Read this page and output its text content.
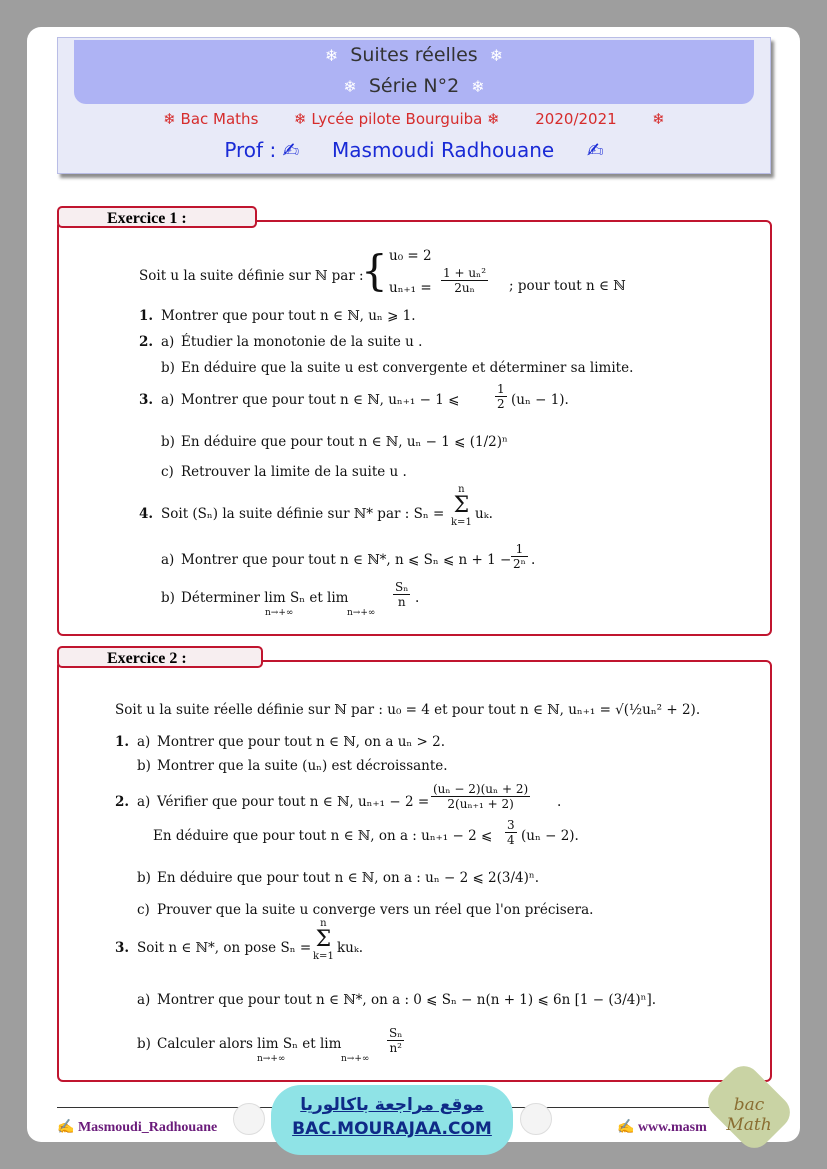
❄ Suites réelles ❄
❄ Série N°2 ❄
❄ Bac Maths ❄ Lycée pilote Bourguiba ❄ 2020/2021 ❄
Prof : ✍ Masmoudi Radhouane ✍
Soit u la suite définie sur ℕ par :
{ u₀ = 2
$u_{n+1} = \frac{\text{1 + uₙ²}}{\text{2uₙ}}$ ; pour tout n ∈ ℕ
1. Montrer que pour tout n ∈ ℕ, uₙ ⩾ 1.
2. a) Étudier la monotonie de la suite u .
b) En déduire que la suite u est convergente et déterminer sa limite.
3. a) Montrer que pour tout n ∈ ℕ, uₙ₊₁ − 1 ⩽	$\frac{1}{2} (u_n - 1)$.
b) En déduire que pour tout n ∈ ℕ, uₙ − 1 ⩽ (1/2)ⁿ
c) Retrouver la limite de la suite u .
4. Soit (Sₙ) la suite définie sur ℕ* par : Sₙ =
n
Σ
k=1
uₖ.
a) Montrer que pour tout n ∈ ℕ*, n ⩽ Sₙ ⩽ $n + 1 - \frac{1}{\text{2ⁿ}}$ .
b) Déterminer lim Sₙ et lim
n→+∞	n→+∞
$\frac{\text{Sₙ}}{n}$ .
Exercice 1 :
Soit u la suite réelle définie sur ℕ par : u₀ = 4 et pour tout n ∈ ℕ, uₙ₊₁ = √(½uₙ² + 2).
1. a) Montrer que pour tout n ∈ ℕ, on a uₙ > 2.
b) Montrer que la suite (uₙ) est décroissante.
2. a) Vérifier que pour tout n ∈ ℕ, $u_{n+1} - 2 = \frac{\text{(uₙ − 2)(uₙ + 2)}}{\text{2(uₙ₊₁ + 2)}}$ .
En déduire que pour tout n ∈ ℕ, on a : uₙ₊₁ − 2 ⩽ $\frac{3}{4} (u_n - 2)$.
b) En déduire que pour tout n ∈ ℕ, on a : uₙ − 2 ⩽ 2(3/4)ⁿ.
c) Prouver que la suite u converge vers un réel que l'on précisera.
3. Soit n ∈ ℕ*, on pose Sₙ =
n
Σ
k=1
kuₖ.
a) Montrer que pour tout n ∈ ℕ*, on a : 0 ⩽ Sₙ − n(n + 1) ⩽ 6n [1 − (3/4)ⁿ].
b) Calculer alors lim Sₙ et lim
n→+∞	n→+∞
$\frac{\text{Sₙ}}{\text{n²}}$
Exercice 2 :
✍ Masmoudi_Radhouane	✍ www.masm
موقع مراجعة باكالوريا
BAC.MOURAJAA.COM
bac Math
